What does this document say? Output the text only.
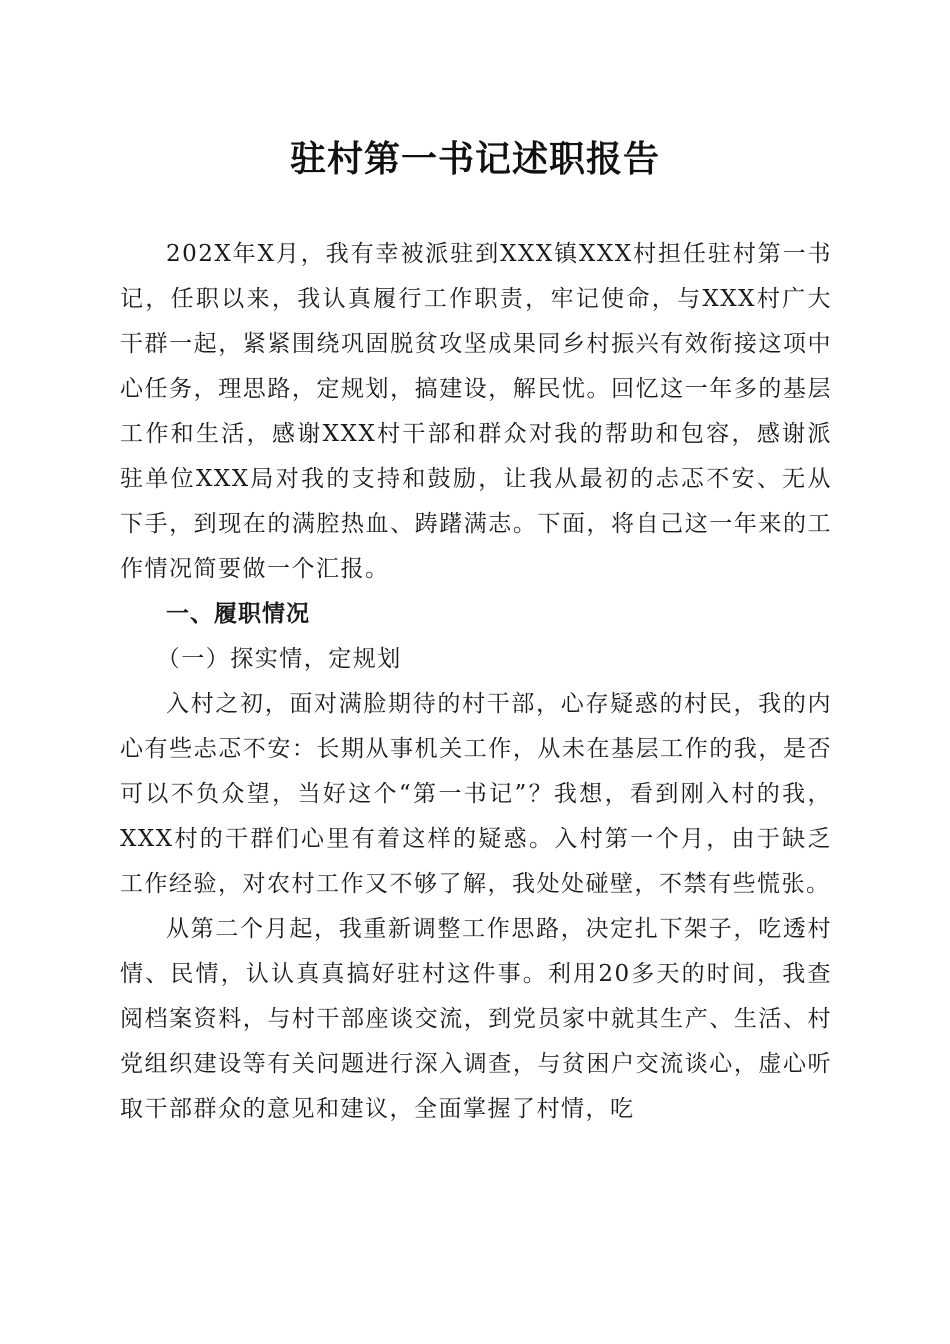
驻村第一书记述职报告

202X年X月，我有幸被派驻到XXX镇XXX村担任驻村第一书记，任职以来，我认真履行工作职责，牢记使命，与XXX村广大干群一起，紧紧围绕巩固脱贫攻坚成果同乡村振兴有效衔接这项中心任务，理思路，定规划，搞建设，解民忧。回忆这一年多的基层工作和生活，感谢XXX村干部和群众对我的帮助和包容，感谢派驻单位XXX局对我的支持和鼓励，让我从最初的忐忑不安、无从下手，到现在的满腔热血、踌躇满志。下面，将自己这一年来的工作情况简要做一个汇报。

一、履职情况
（一）探实情，定规划

入村之初，面对满脸期待的村干部，心存疑惑的村民，我的内心有些忐忑不安：长期从事机关工作，从未在基层工作的我，是否可以不负众望，当好这个“第一书记”？我想，看到刚入村的我，XXX村的干群们心里有着这样的疑惑。入村第一个月，由于缺乏工作经验，对农村工作又不够了解，我处处碰壁，不禁有些慌张。

从第二个月起，我重新调整工作思路，决定扎下架子，吃透村情、民情，认认真真搞好驻村这件事。利用20多天的时间，我查阅档案资料，与村干部座谈交流，到党员家中就其生产、生活、村党组织建设等有关问题进行深入调查，与贫困户交流谈心，虚心听取干部群众的意见和建议，全面掌握了村情，吃
